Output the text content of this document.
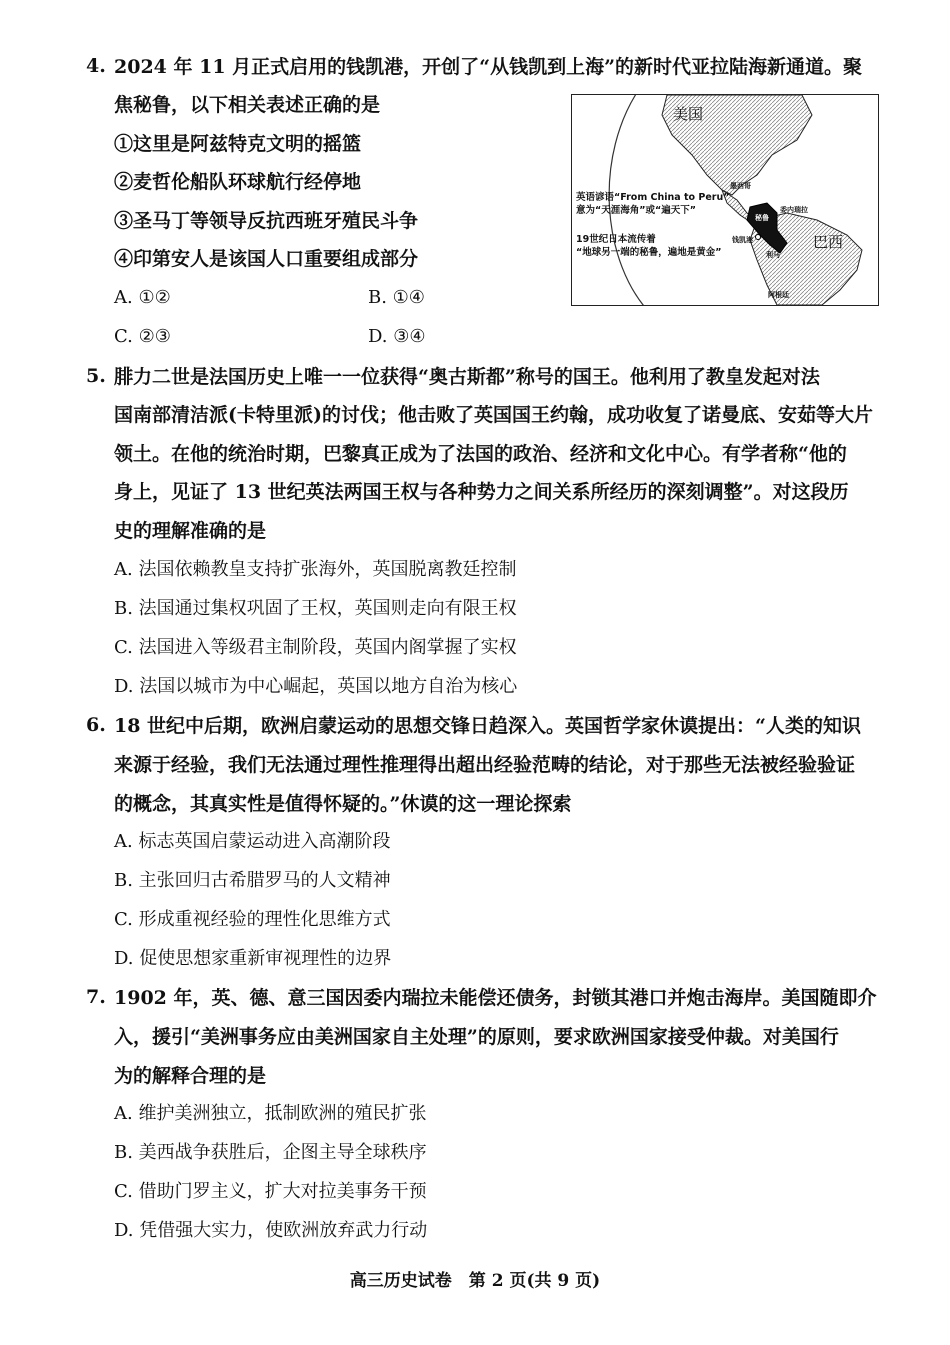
4. 2024 年 11 月正式启用的钱凯港，开创了“从钱凯到上海”的新时代亚拉陆海新通道。聚
焦秘鲁，以下相关表述正确的是
①这里是阿兹特克文明的摇篮
②麦哲伦船队环球航行经停地
③圣马丁等领导反抗西班牙殖民斗争
④印第安人是该国人口重要组成部分
A. ①②	B. ①④
C. ②③	D. ③④
美国
巴西
秘鲁
钱凯港
利马
墨西哥
委内瑞拉
阿根廷
英语谚语“From China to Peru”
意为“天涯海角”或“遍天下”
19世纪日本流传着
“地球另一端的秘鲁，遍地是黄金”
5. 腓力二世是法国历史上唯一一位获得“奥古斯都”称号的国王。他利用了教皇发起对法
国南部清洁派(卡特里派)的讨伐；他击败了英国国王约翰，成功收复了诺曼底、安茹等大片
领土。在他的统治时期，巴黎真正成为了法国的政治、经济和文化中心。有学者称“他的
身上，见证了 13 世纪英法两国王权与各种势力之间关系所经历的深刻调整”。对这段历
史的理解准确的是
A. 法国依赖教皇支持扩张海外，英国脱离教廷控制
B. 法国通过集权巩固了王权，英国则走向有限王权
C. 法国进入等级君主制阶段，英国内阁掌握了实权
D. 法国以城市为中心崛起，英国以地方自治为核心
6. 18 世纪中后期，欧洲启蒙运动的思想交锋日趋深入。英国哲学家休谟提出：“人类的知识
来源于经验，我们无法通过理性推理得出超出经验范畴的结论，对于那些无法被经验验证
的概念，其真实性是值得怀疑的。”休谟的这一理论探索
A. 标志英国启蒙运动进入高潮阶段
B. 主张回归古希腊罗马的人文精神
C. 形成重视经验的理性化思维方式
D. 促使思想家重新审视理性的边界
7. 1902 年，英、德、意三国因委内瑞拉未能偿还债务，封锁其港口并炮击海岸。美国随即介
入，援引“美洲事务应由美洲国家自主处理”的原则，要求欧洲国家接受仲裁。对美国行
为的解释合理的是
A. 维护美洲独立，抵制欧洲的殖民扩张
B. 美西战争获胜后，企图主导全球秩序
C. 借助门罗主义，扩大对拉美事务干预
D. 凭借强大实力，使欧洲放弃武力行动
高三历史试卷　第 2 页(共 9 页)
